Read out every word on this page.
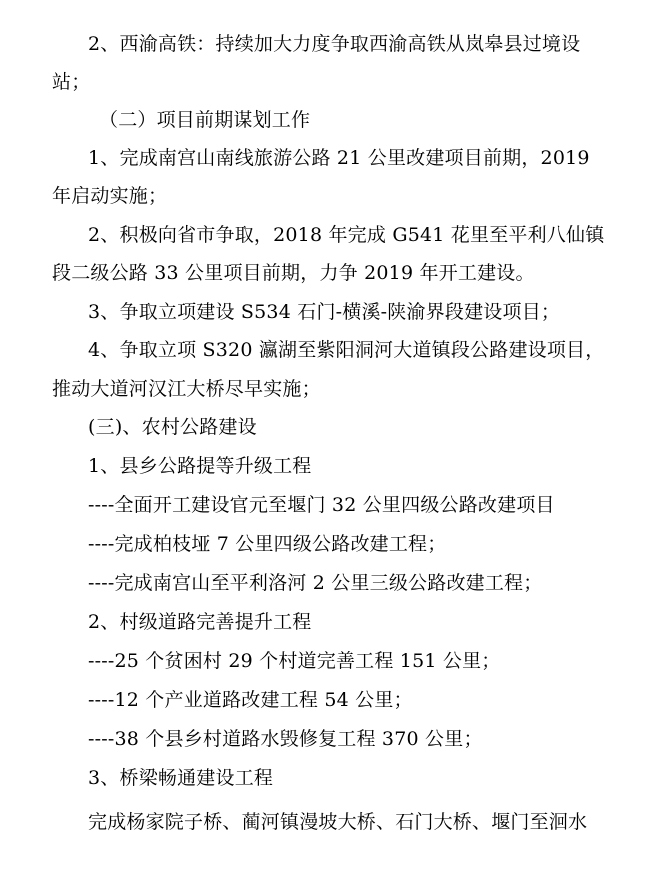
2、西渝高铁：持续加大力度争取西渝高铁从岚皋县过境设
站；
（二）项目前期谋划工作
1、完成南宫山南线旅游公路 21 公里改建项目前期，2019
年启动实施；
2、积极向省市争取，2018 年完成 G541 花里至平利八仙镇
段二级公路 33 公里项目前期，力争 2019 年开工建设。
3、争取立项建设 S534 石门-横溪-陕渝界段建设项目；
4、争取立项 S320 瀛湖至紫阳洞河大道镇段公路建设项目，
推动大道河汉江大桥尽早实施；
(三)、农村公路建设
1、县乡公路提等升级工程
----全面开工建设官元至堰门 32 公里四级公路改建项目
----完成柏枝垭 7 公里四级公路改建工程；
----完成南宫山至平利洛河 2 公里三级公路改建工程；
2、村级道路完善提升工程
----25 个贫困村 29 个村道完善工程 151 公里；
----12 个产业道路改建工程 54 公里；
----38 个县乡村道路水毁修复工程 370 公里；
3、桥梁畅通建设工程
完成杨家院子桥、蔺河镇漫坡大桥、石门大桥、堰门至洄水
